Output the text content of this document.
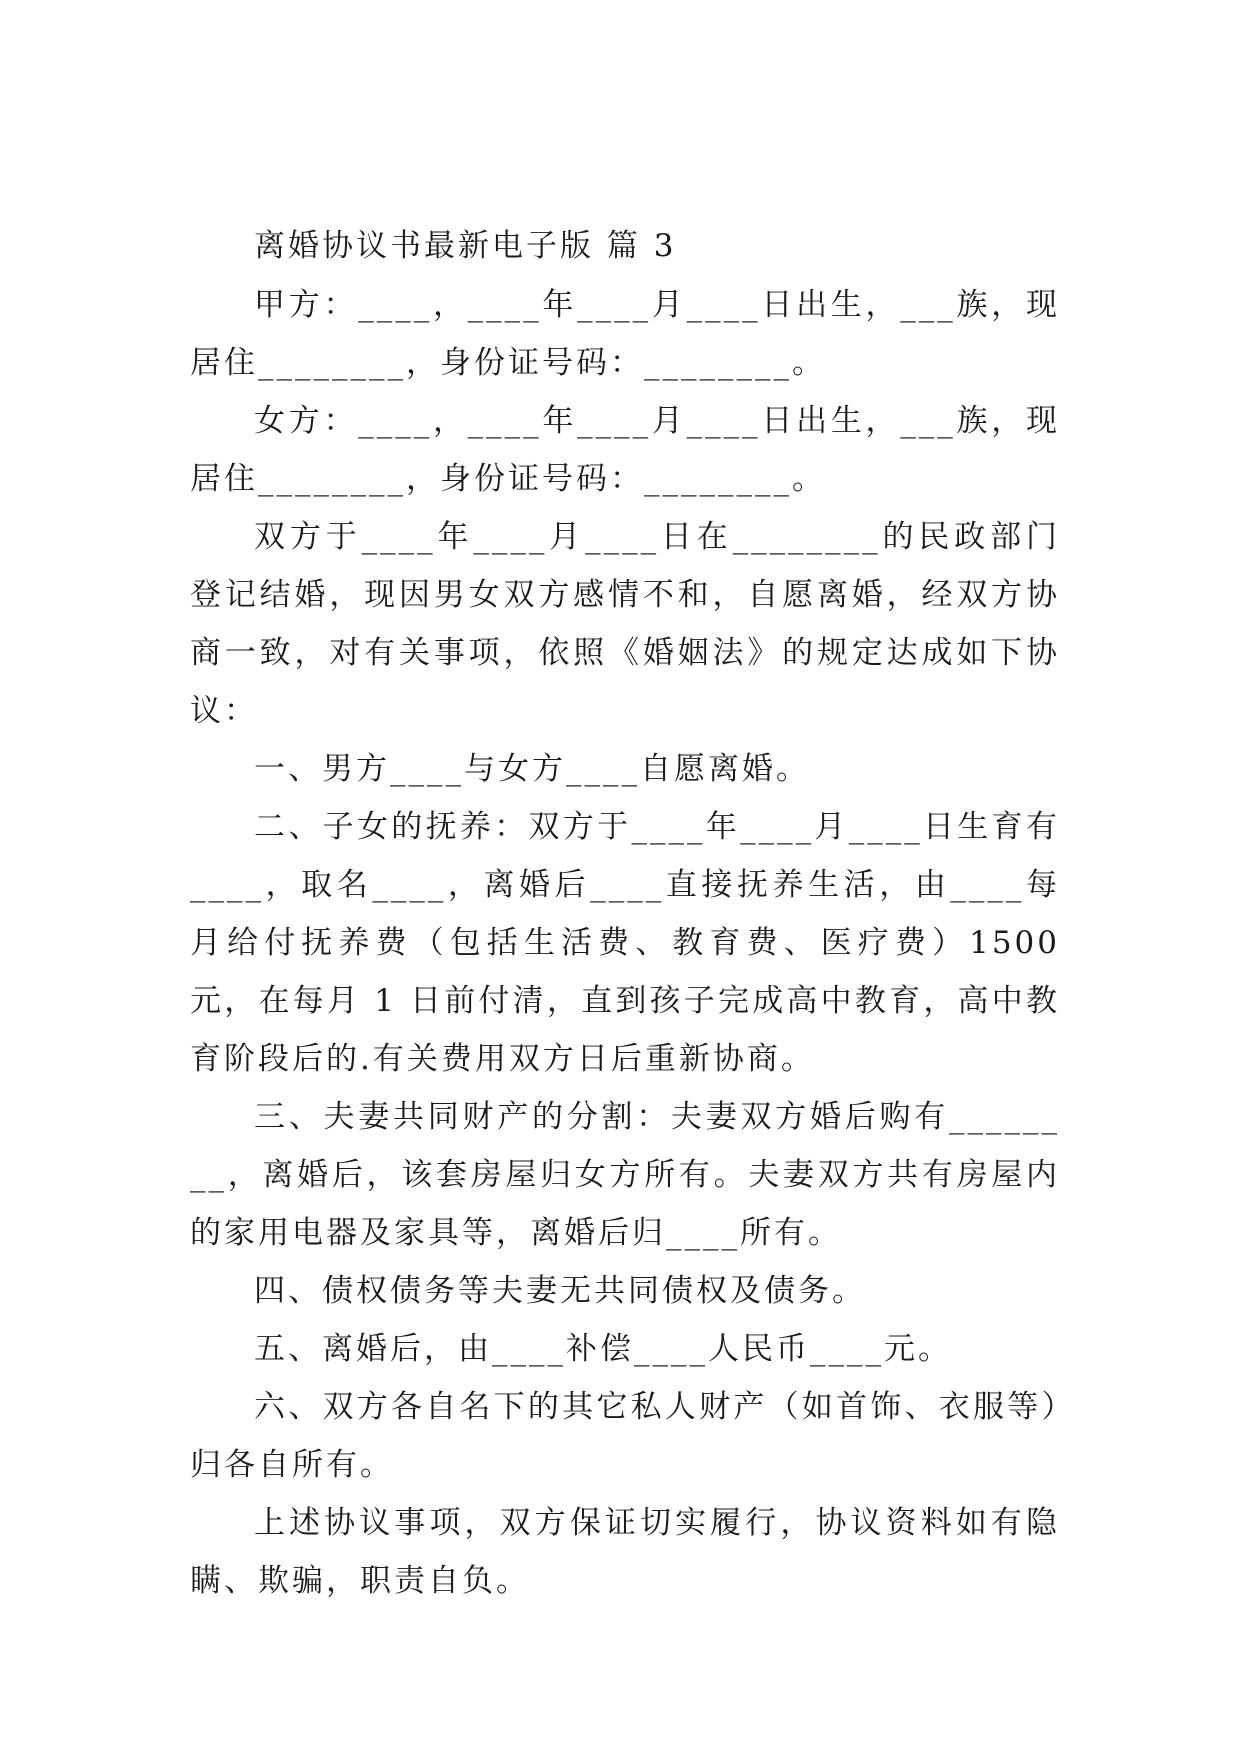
离婚协议书最新电子版 篇 3

甲方：____，____年____月____日出生，___族，现居住________，身份证号码：________。

女方：____，____年____月____日出生，___族，现居住________，身份证号码：________。

双方于____年____月____日在________的民政部门登记结婚，现因男女双方感情不和，自愿离婚，经双方协商一致，对有关事项，依照《婚姻法》的规定达成如下协议：

一、男方____与女方____自愿离婚。

二、子女的抚养：双方于____年____月____日生育有____，取名____，离婚后____直接抚养生活，由____每月给付抚养费（包括生活费、教育费、医疗费）1500 元，在每月 1 日前付清，直到孩子完成高中教育，高中教育阶段后的.有关费用双方日后重新协商。

三、夫妻共同财产的分割：夫妻双方婚后购有________，离婚后，该套房屋归女方所有。夫妻双方共有房屋内的家用电器及家具等，离婚后归____所有。

四、债权债务等夫妻无共同债权及债务。

五、离婚后，由____补偿____人民币____元。

六、双方各自名下的其它私人财产（如首饰、衣服等）归各自所有。

上述协议事项，双方保证切实履行，协议资料如有隐瞒、欺骗，职责自负。
